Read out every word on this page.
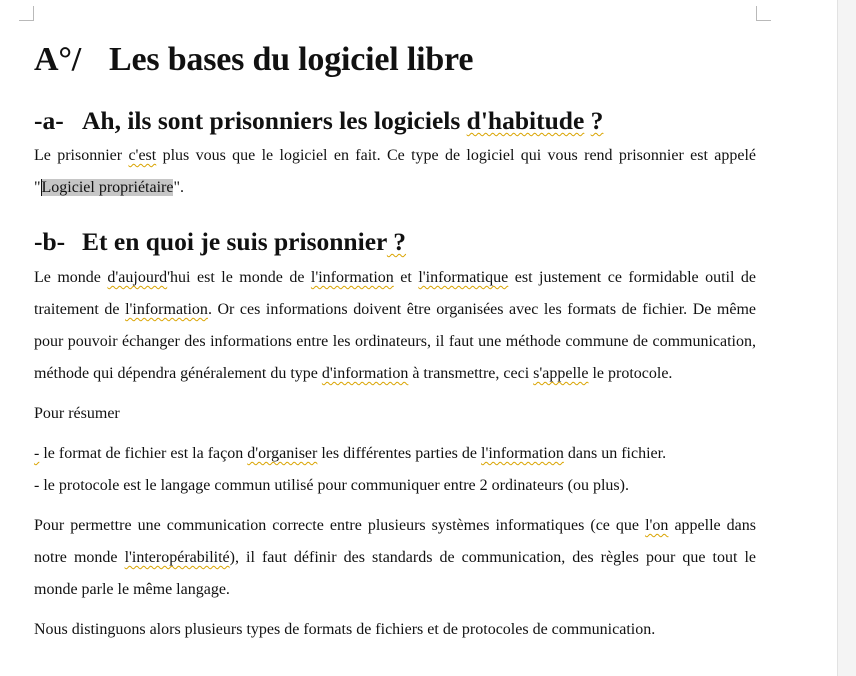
A°/ Les bases du logiciel libre
-a- Ah, ils sont prisonniers les logiciels d'habitude ?

Le prisonnier c'est plus vous que le logiciel en fait. Ce type de logiciel qui vous rend prisonnier est appelé "Logiciel propriétaire".

-b- Et en quoi je suis prisonnier ?

Le monde d'aujourd'hui est le monde de l'information et l'informatique est justement ce formidable outil de traitement de l'information. Or ces informations doivent être organisées avec les formats de fichier. De même pour pouvoir échanger des informations entre les ordinateurs, il faut une méthode commune de communication, méthode qui dépendra généralement du type d'information à transmettre, ceci s'appelle le protocole.

Pour résumer

- le format de fichier est la façon d'organiser les différentes parties de l'information dans un fichier.
- le protocole est le langage commun utilisé pour communiquer entre 2 ordinateurs (ou plus).

Pour permettre une communication correcte entre plusieurs systèmes informatiques (ce que l'on appelle dans notre monde l'interopérabilité), il faut définir des standards de communication, des règles pour que tout le monde parle le même langage.

Nous distinguons alors plusieurs types de formats de fichiers et de protocoles de communication.
